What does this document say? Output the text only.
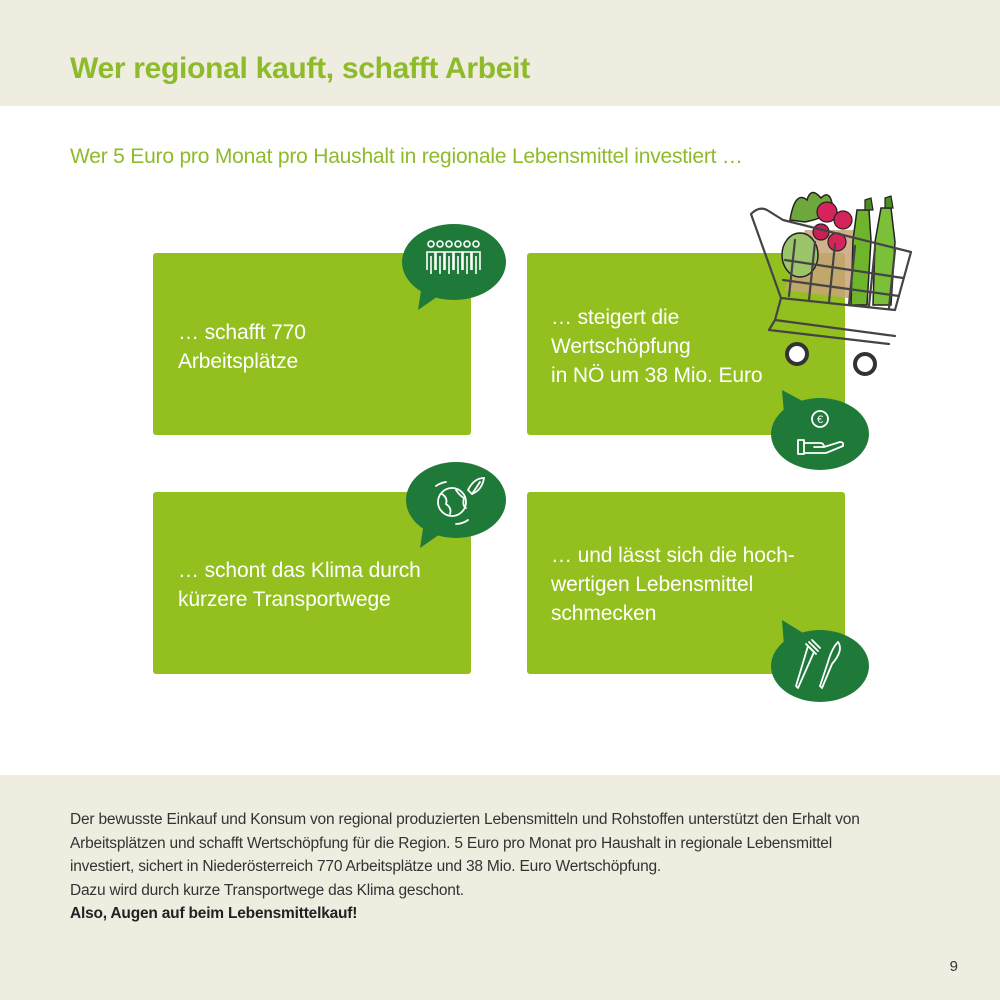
Wer regional kauft, schafft Arbeit

Wer 5 Euro pro Monat pro Haushalt in regionale Lebensmittel investiert …

… schafft 770
Arbeitsplätze

… steigert die
Wertschöpfung
in NÖ um 38 Mio. Euro

€

… schont das Klima durch
kürzere Transportwege

… und lässt sich die hoch-
wertigen Lebensmittel
schmecken

Der bewusste Einkauf und Konsum von regional produzierten Lebensmitteln und Rohstoffen unterstützt den Erhalt von

Arbeitsplätzen und schafft Wertschöpfung für die Region. 5 Euro pro Monat pro Haushalt in regionale Lebensmittel

investiert, sichert in Niederösterreich 770 Arbeitsplätze und 38 Mio. Euro Wertschöpfung.

Dazu wird durch kurze Transportwege das Klima geschont.

Also, Augen auf beim Lebensmittelkauf!

9
